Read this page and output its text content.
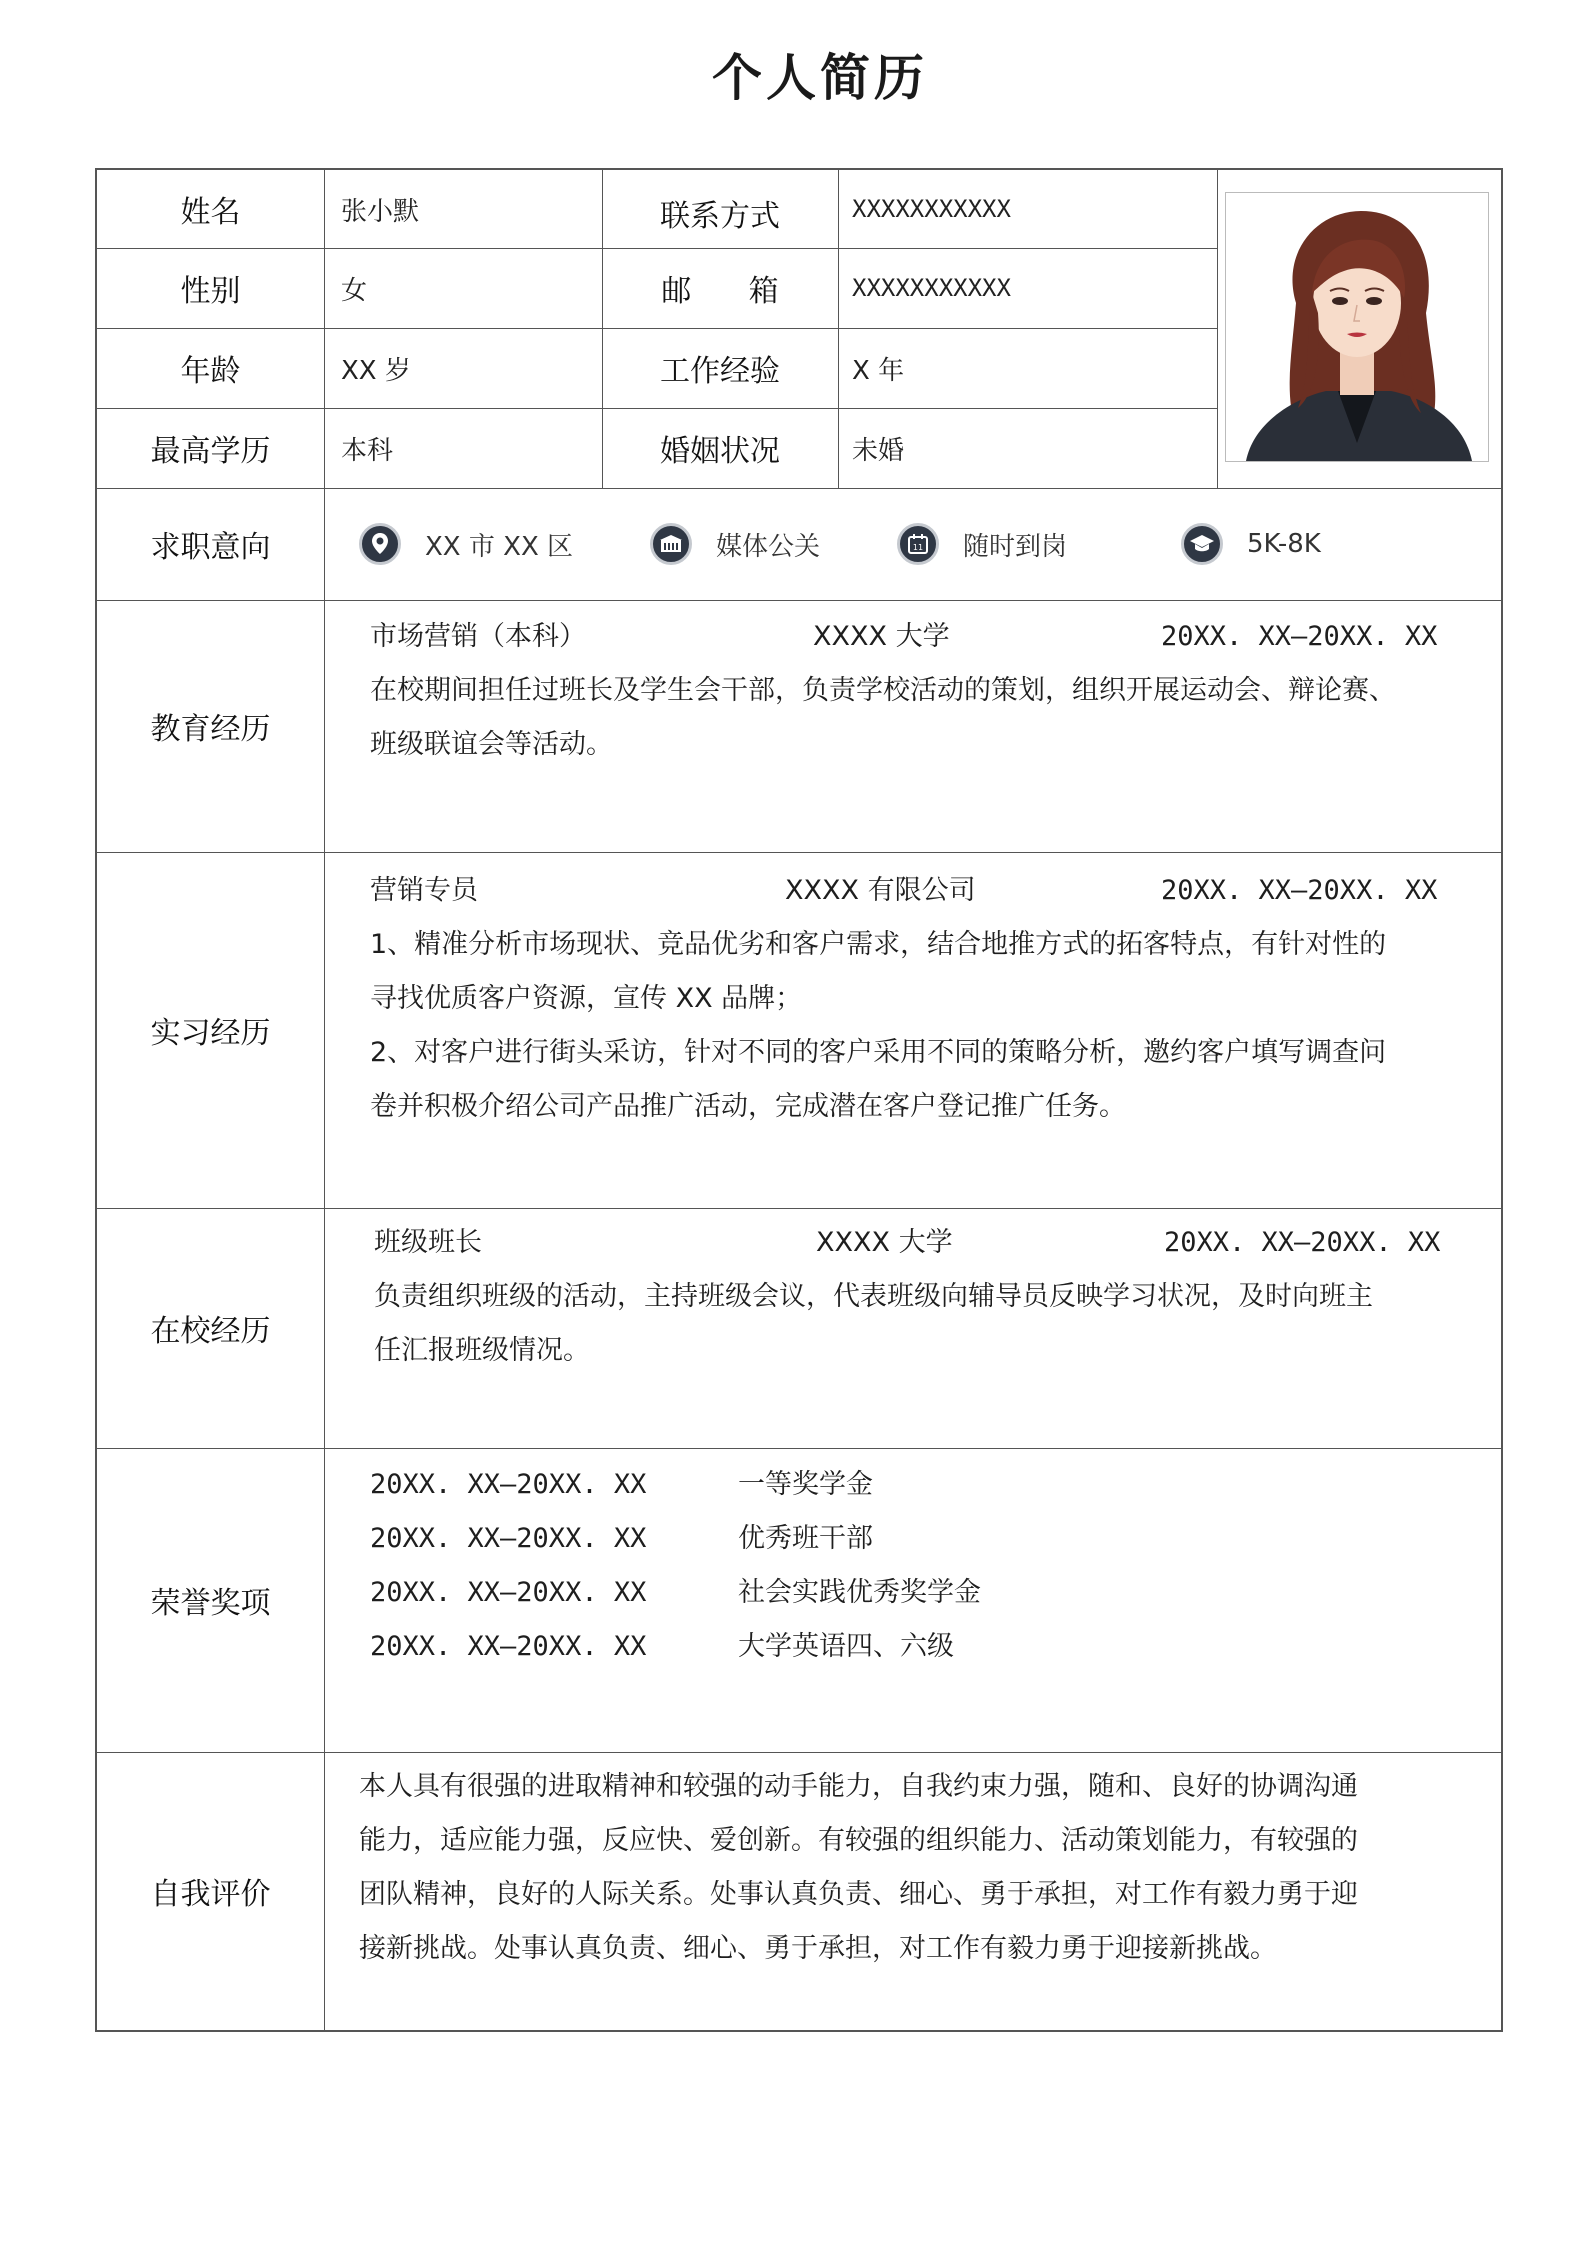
个人简历
姓名	张小默	联系方式	XXXXXXXXXXX
性别	女	邮      箱	XXXXXXXXXXX
年龄	XX 岁	工作经验	X 年
最高学历	本科	婚姻状况	未婚
求职意向	XX 市 XX 区	媒体公关	11 随时到岗	5K-8K
教育经历
市场营销（本科）	XXXX 大学	20XX. XX—20XX. XX
在校期间担任过班长及学生会干部，负责学校活动的策划，组织开展运动会、辩论赛、
班级联谊会等活动。
实习经历
营销专员	XXXX 有限公司	20XX. XX—20XX. XX
1、精准分析市场现状、竞品优劣和客户需求，结合地推方式的拓客特点，有针对性的
寻找优质客户资源，宣传 XX 品牌；
2、对客户进行街头采访，针对不同的客户采用不同的策略分析，邀约客户填写调查问
卷并积极介绍公司产品推广活动，完成潜在客户登记推广任务。
在校经历
班级班长	XXXX 大学	20XX. XX—20XX. XX
负责组织班级的活动，主持班级会议，代表班级向辅导员反映学习状况，及时向班主
任汇报班级情况。
荣誉奖项
20XX. XX—20XX. XX	一等奖学金
20XX. XX—20XX. XX	优秀班干部
20XX. XX—20XX. XX	社会实践优秀奖学金
20XX. XX—20XX. XX	大学英语四、六级
自我评价
本人具有很强的进取精神和较强的动手能力，自我约束力强，随和、良好的协调沟通
能力，适应能力强，反应快、爱创新。有较强的组织能力、活动策划能力，有较强的
团队精神，良好的人际关系。处事认真负责、细心、勇于承担，对工作有毅力勇于迎
接新挑战。处事认真负责、细心、勇于承担，对工作有毅力勇于迎接新挑战。
